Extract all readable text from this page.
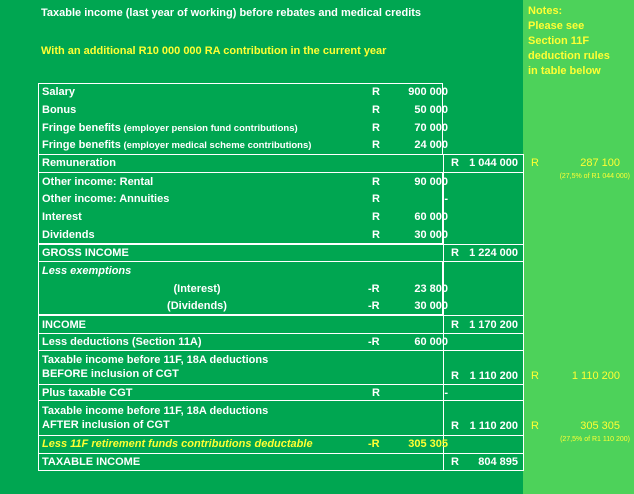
Taxable income (last year of working) before rebates and medical credits
With an additional R10 000 000 RA contribution in the current year
Notes:
Please see
Section 11F
deduction rules
in table below
Salary	R	900 000
Bonus	R	50 000
Fringe benefits (employer pension fund contributions)	R	70 000
Fringe benefits (employer medical scheme contributions)	R	24 000
Remuneration	R 1 044 000 R	287 100
(27,5% of R1 044 000)
Other income: Rental	R	90 000
Other income: Annuities	R	-
Interest	R	60 000
Dividends	R	30 000
GROSS INCOME	R 1 224 000
Less exemptions
(Interest)	-R	23 800
(Dividends)	-R	30 000
INCOME	R 1 170 200
Less deductions (Section 11A)	-R	60 000
Taxable income before 11F, 18A deductions
BEFORE inclusion of CGT	R 1 110 200 R	1 110 200
Plus taxable CGT	R	-
Taxable income before 11F, 18A deductions
AFTER inclusion of CGT	R 1 110 200 R	305 305
(27,5% of R1 110 200)
Less 11F retirement funds contributions deductable	-R	305 305
TAXABLE INCOME	R 804 895
